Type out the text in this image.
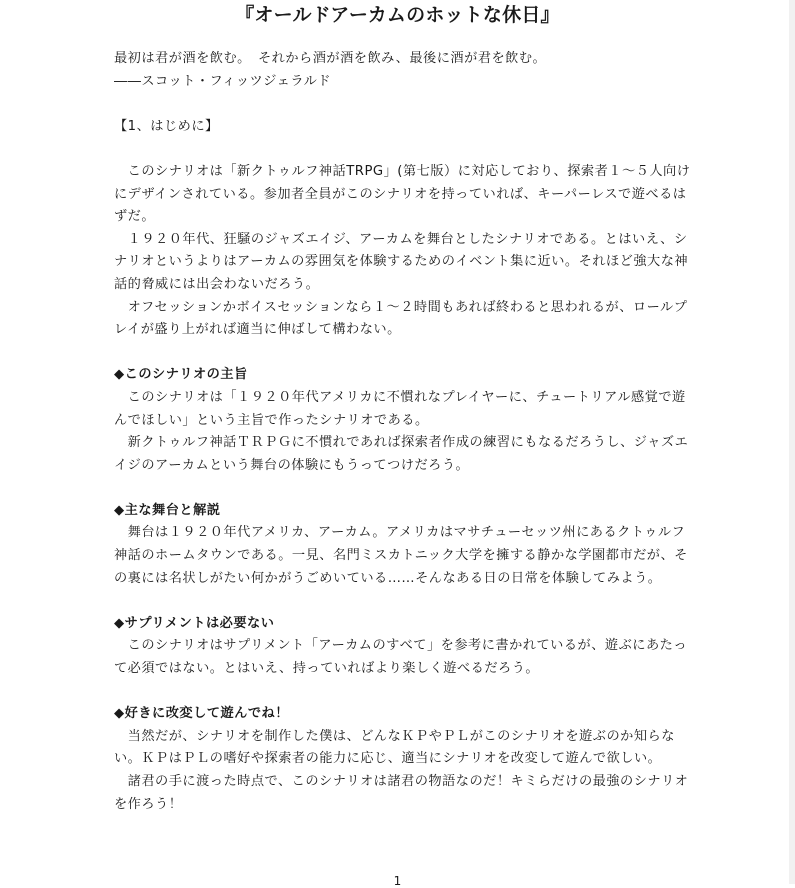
『オールドアーカムのホットな休日』

最初は君が酒を飲む。　それから酒が酒を飲み、最後に酒が君を飲む。

――スコット・フィッツジェラルド

【1、はじめに】

　このシナリオは「新クトゥルフ神話TRPG」(第七版）に対応しており、探索者１～５人向けにデザインされている。参加者全員がこのシナリオを持っていれば、キーパーレスで遊べるはずだ。

　１９２０年代、狂騒のジャズエイジ、アーカムを舞台としたシナリオである。とはいえ、シナリオというよりはアーカムの雰囲気を体験するためのイベント集に近い。それほど強大な神話的脅威には出会わないだろう。

　オフセッションかボイスセッションなら１～２時間もあれば終わると思われるが、ロールプレイが盛り上がれば適当に伸ばして構わない。

◆このシナリオの主旨

　このシナリオは「１９２０年代アメリカに不慣れなプレイヤーに、チュートリアル感覚で遊んでほしい」という主旨で作ったシナリオである。

　新クトゥルフ神話ＴＲＰＧに不慣れであれば探索者作成の練習にもなるだろうし、ジャズエイジのアーカムという舞台の体験にもうってつけだろう。

◆主な舞台と解説

　舞台は１９２０年代アメリカ、アーカム。アメリカはマサチューセッツ州にあるクトゥルフ神話のホームタウンである。一見、名門ミスカトニック大学を擁する静かな学園都市だが、その裏には名状しがたい何かがうごめいている……そんなある日の日常を体験してみよう。

◆サプリメントは必要ない

　このシナリオはサプリメント「アーカムのすべて」を参考に書かれているが、遊ぶにあたって必須ではない。とはいえ、持っていればより楽しく遊べるだろう。

◆好きに改変して遊んでね！

　当然だが、シナリオを制作した僕は、どんなＫＰやＰＬがこのシナリオを遊ぶのか知らない。ＫＰはＰＬの嗜好や探索者の能力に応じ、適当にシナリオを改変して遊んで欲しい。

　諸君の手に渡った時点で、このシナリオは諸君の物語なのだ！キミらだけの最強のシナリオを作ろう！

1
